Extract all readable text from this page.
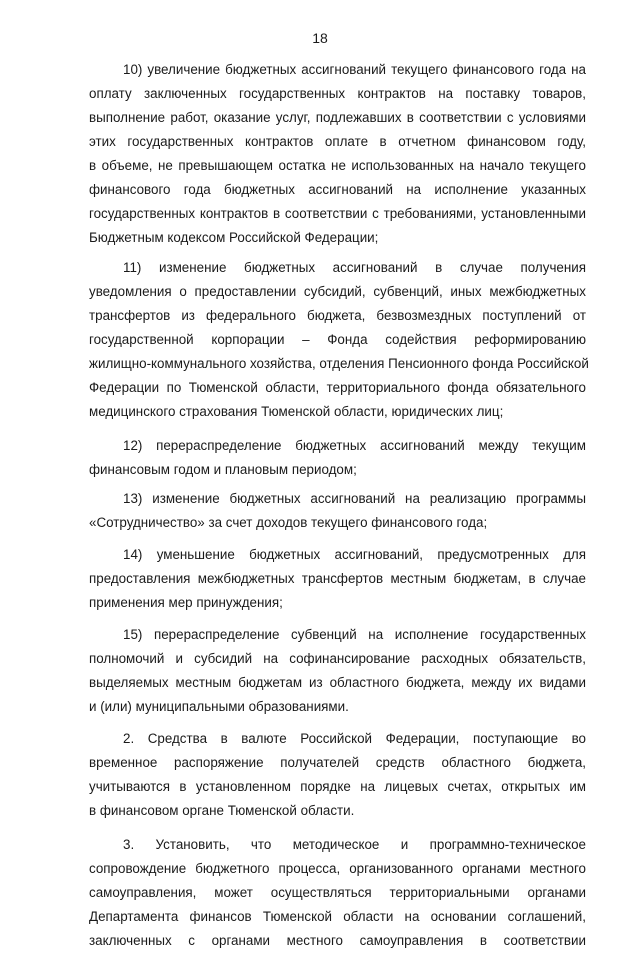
18
10) увеличение бюджетных ассигнований текущего финансового года на
оплату заключенных государственных контрактов на поставку товаров,
выполнение работ, оказание услуг, подлежавших в соответствии с условиями
этих государственных контрактов оплате в отчетном финансовом году,
в объеме, не превышающем остатка не использованных на начало текущего
финансового года бюджетных ассигнований на исполнение указанных
государственных контрактов в соответствии с требованиями, установленными
Бюджетным кодексом Российской Федерации;
11) изменение бюджетных ассигнований в случае получения
уведомления о предоставлении субсидий, субвенций, иных межбюджетных
трансфертов из федерального бюджета, безвозмездных поступлений от
государственной корпорации – Фонда содействия реформированию
жилищно-коммунального хозяйства, отделения Пенсионного фонда Российской
Федерации по Тюменской области, территориального фонда обязательного
медицинского страхования Тюменской области, юридических лиц;
12) перераспределение бюджетных ассигнований между текущим
финансовым годом и плановым периодом;
13) изменение бюджетных ассигнований на реализацию программы
«Сотрудничество» за счет доходов текущего финансового года;
14) уменьшение бюджетных ассигнований, предусмотренных для
предоставления межбюджетных трансфертов местным бюджетам, в случае
применения мер принуждения;
15) перераспределение субвенций на исполнение государственных
полномочий и субсидий на софинансирование расходных обязательств,
выделяемых местным бюджетам из областного бюджета, между их видами
и (или) муниципальными образованиями.
2. Средства в валюте Российской Федерации, поступающие во
временное распоряжение получателей средств областного бюджета,
учитываются в установленном порядке на лицевых счетах, открытых им
в финансовом органе Тюменской области.
3. Установить, что методическое и программно-техническое
сопровождение бюджетного процесса, организованного органами местного
самоуправления, может осуществляться территориальными органами
Департамента финансов Тюменской области на основании соглашений,
заключенных с органами местного самоуправления в соответствии
